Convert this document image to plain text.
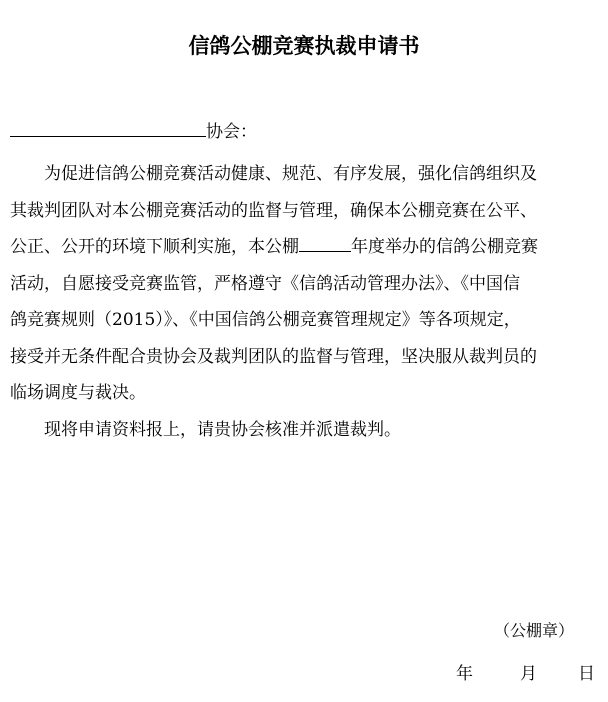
信鸽公棚竞赛执裁申请书
协会：
为促进信鸽公棚竞赛活动健康、规范、有序发展，强化信鸽组织及
其裁判团队对本公棚竞赛活动的监督与管理，确保本公棚竞赛在公平、
公正、公开的环境下顺利实施，本公棚	年度举办的信鸽公棚竞赛
活动，自愿接受竞赛监管，严格遵守《信鸽活动管理办法》、《中国信
鸽竞赛规则（2015）》、《中国信鸽公棚竞赛管理规定》等各项规定，
接受并无条件配合贵协会及裁判团队的监督与管理，坚决服从裁判员的
临场调度与裁决。
现将申请资料报上，请贵协会核准并派遣裁判。
（公棚章）
年	月 日
